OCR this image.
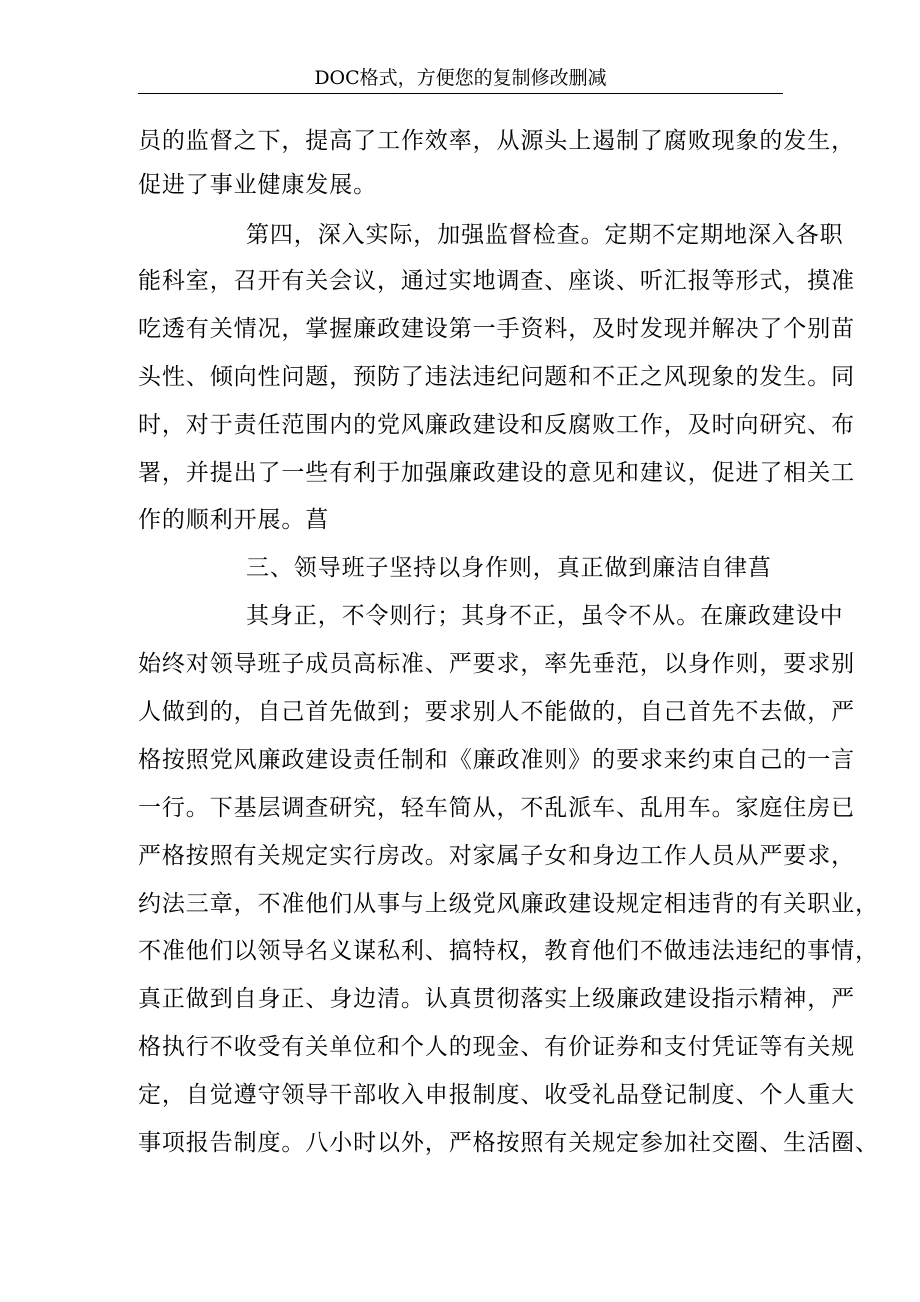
DOC格式，方便您的复制修改删减
员的监督之下，提高了工作效率，从源头上遏制了腐败现象的发生，
促进了事业健康发展。
第四，深入实际，加强监督检查。定期不定期地深入各职
能科室，召开有关会议，通过实地调查、座谈、听汇报等形式，摸准
吃透有关情况，掌握廉政建设第一手资料，及时发现并解决了个别苗
头性、倾向性问题，预防了违法违纪问题和不正之风现象的发生。同
时，对于责任范围内的党风廉政建设和反腐败工作，及时向研究、布
署，并提出了一些有利于加强廉政建设的意见和建议，促进了相关工
作的顺利开展。菖
三、领导班子坚持以身作则，真正做到廉洁自律菖
其身正，不令则行；其身不正，虽令不从。在廉政建设中
始终对领导班子成员高标准、严要求，率先垂范，以身作则，要求别
人做到的，自己首先做到；要求别人不能做的，自己首先不去做，严
格按照党风廉政建设责任制和《廉政准则》的要求来约束自己的一言
一行。下基层调查研究，轻车简从，不乱派车、乱用车。家庭住房已
严格按照有关规定实行房改。对家属子女和身边工作人员从严要求，
约法三章，不准他们从事与上级党风廉政建设规定相违背的有关职业，
不准他们以领导名义谋私利、搞特权，教育他们不做违法违纪的事情，
真正做到自身正、身边清。认真贯彻落实上级廉政建设指示精神，严
格执行不收受有关单位和个人的现金、有价证券和支付凭证等有关规
定，自觉遵守领导干部收入申报制度、收受礼品登记制度、个人重大
事项报告制度。八小时以外，严格按照有关规定参加社交圈、生活圈、
